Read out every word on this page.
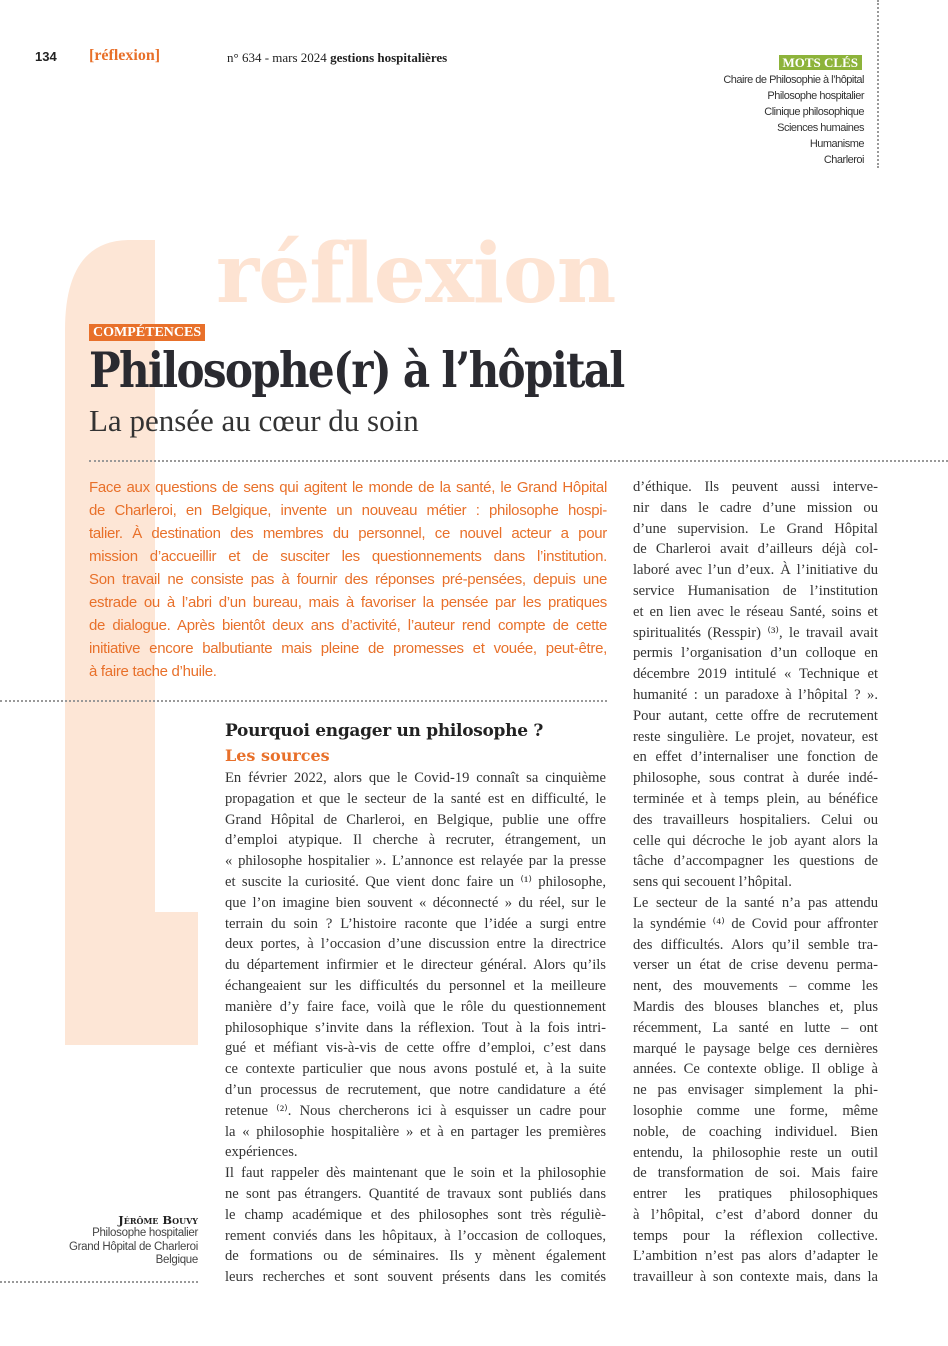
134 [réflexion]	n° 634 - mars 2024 gestions hospitalières	MOTS CLÉS
Chaire de Philosophie à l’hôpital
Philosophe hospitalier
Clinique philosophique
Sciences humaines
Humanisme
Charleroi
réflexion
COMPÉTENCES
Philosophe(r) à l’hôpital
La pensée au cœur du soin
Face aux questions de sens qui agitent le monde de la santé, le Grand Hôpital
de Charleroi, en Belgique, invente un nouveau métier : philosophe hospi-
talier. À destination des membres du personnel, ce nouvel acteur a pour
mission d’accueillir et de susciter les questionnements dans l’institution.
Son travail ne consiste pas à fournir des réponses pré-pensées, depuis une
estrade ou à l’abri d’un bureau, mais à favoriser la pensée par les pratiques
de dialogue. Après bientôt deux ans d’activité, l’auteur rend compte de cette
initiative encore balbutiante mais pleine de promesses et vouée, peut-être,
à faire tache d’huile.
Pourquoi engager un philosophe ?
Les sources
En février 2022, alors que le Covid-19 connaît sa cinquième
propagation et que le secteur de la santé est en difficulté, le
Grand Hôpital de Charleroi, en Belgique, publie une offre
d’emploi atypique. Il cherche à recruter, étrangement, un
« philosophe hospitalier ». L’annonce est relayée par la presse
et suscite la curiosité. Que vient donc faire un ⁽¹⁾ philosophe,
que l’on imagine bien souvent « déconnecté » du réel, sur le
terrain du soin ? L’histoire raconte que l’idée a surgi entre
deux portes, à l’occasion d’une discussion entre la directrice
du département infirmier et le directeur général. Alors qu’ils
échangeaient sur les difficultés du personnel et la meilleure
manière d’y faire face, voilà que le rôle du questionnement
philosophique s’invite dans la réflexion. Tout à la fois intri-
gué et méfiant vis-à-vis de cette offre d’emploi, c’est dans
ce contexte particulier que nous avons postulé et, à la suite
d’un processus de recrutement, que notre candidature a été
retenue ⁽²⁾. Nous chercherons ici à esquisser un cadre pour
la « philosophie hospitalière » et à en partager les premières
expériences.
Il faut rappeler dès maintenant que le soin et la philosophie
ne sont pas étrangers. Quantité de travaux sont publiés dans
le champ académique et des philosophes sont très réguliè-
rement conviés dans les hôpitaux, à l’occasion de colloques,
de formations ou de séminaires. Ils y mènent également
leurs recherches et sont souvent présents dans les comités
d’éthique. Ils peuvent aussi interve-
nir dans le cadre d’une mission ou
d’une supervision. Le Grand Hôpital
de Charleroi avait d’ailleurs déjà col-
laboré avec l’un d’eux. À l’initiative du
service Humanisation de l’institution
et en lien avec le réseau Santé, soins et
spiritualités (Resspir) ⁽³⁾, le travail avait
permis l’organisation d’un colloque en
décembre 2019 intitulé « Technique et
humanité : un paradoxe à l’hôpital ? ».
Pour autant, cette offre de recrutement
reste singulière. Le projet, novateur, est
en effet d’internaliser une fonction de
philosophe, sous contrat à durée indé-
terminée et à temps plein, au bénéfice
des travailleurs hospitaliers. Celui ou
celle qui décroche le job ayant alors la
tâche d’accompagner les questions de
sens qui secouent l’hôpital.
Le secteur de la santé n’a pas attendu
la syndémie ⁽⁴⁾ de Covid pour affronter
des difficultés. Alors qu’il semble tra-
verser un état de crise devenu perma-
nent, des mouvements – comme les
Mardis des blouses blanches et, plus
récemment, La santé en lutte – ont
marqué le paysage belge ces dernières
années. Ce contexte oblige. Il oblige à
ne pas envisager simplement la phi-
losophie comme une forme, même
noble, de coaching individuel. Bien
entendu, la philosophie reste un outil
de transformation de soi. Mais faire
entrer les pratiques philosophiques
à l’hôpital, c’est d’abord donner du
temps pour la réflexion collective.
L’ambition n’est pas alors d’adapter le
travailleur à son contexte mais, dans la
Jérôme Bouvy
Philosophe hospitalier
Grand Hôpital de Charleroi
Belgique
